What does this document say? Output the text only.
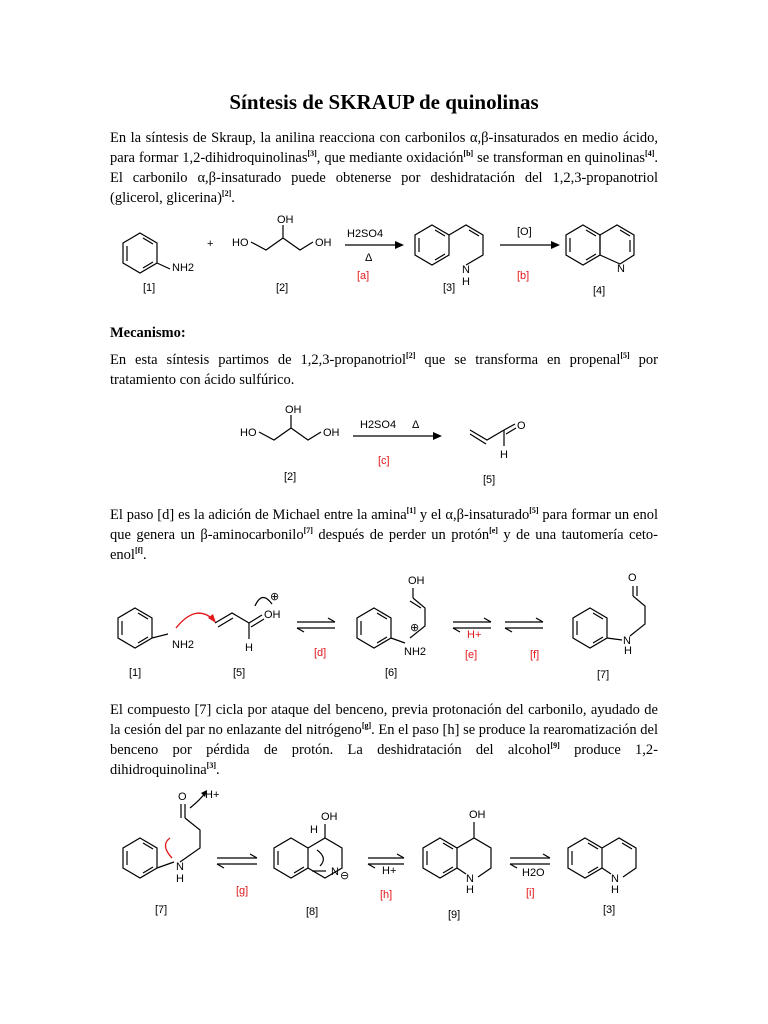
Síntesis de SKRAUP de quinolinas
En la síntesis de Skraup, la anilina reacciona con carbonilos α,β-insaturados en medio ácido, para formar 1,2-dihidroquinolinas[3], que mediante oxidación[b] se transforman en quinolinas[4]. El carbonilo α,β-insaturado puede obtenerse por deshidratación del 1,2,3-propanotriol (glicerol, glicerina)[2].
NH2
+ HO
OH
OH
H2SO4
Δ
[a]	N
H
[O]
[b]
N
[1]	[2]	[3]	[4]
Mecanismo:
En esta síntesis partimos de 1,2,3-propanotriol[2] que se transforma en propenal[5] por tratamiento con ácido sulfúrico.
HO
OH
OH
H2SO4 Δ
[c]
O
H
[2]	[5]
El paso [d] es la adición de Michael entre la amina[1] y el α,β-insaturado[5] para formar un enol que genera un β-aminocarbonilo[7] después de perder un protón[e] y de una tautomería ceto-enol[f].
NH2
OH
⊕
H	[d]
OH
⊕
NH2
H+
[e]	[f]
O
N
H
[1]	[5]	[6]	[7]
El compuesto [7] cicla por ataque del benceno, previa protonación del carbonilo, ayudado de la cesión del par no enlazante del nitrógeno[g]. En el paso [h] se produce la rearomatización del benceno por pérdida de protón. La deshidratación del alcohol[9] produce 1,2-dihidroquinolina[3].
O
N
H
H+
[g]
OH
H
N ⊖
[8]
H+
[h]
OH
N
H
[9]
H2O
[i]
N
H
[7]	[3]
